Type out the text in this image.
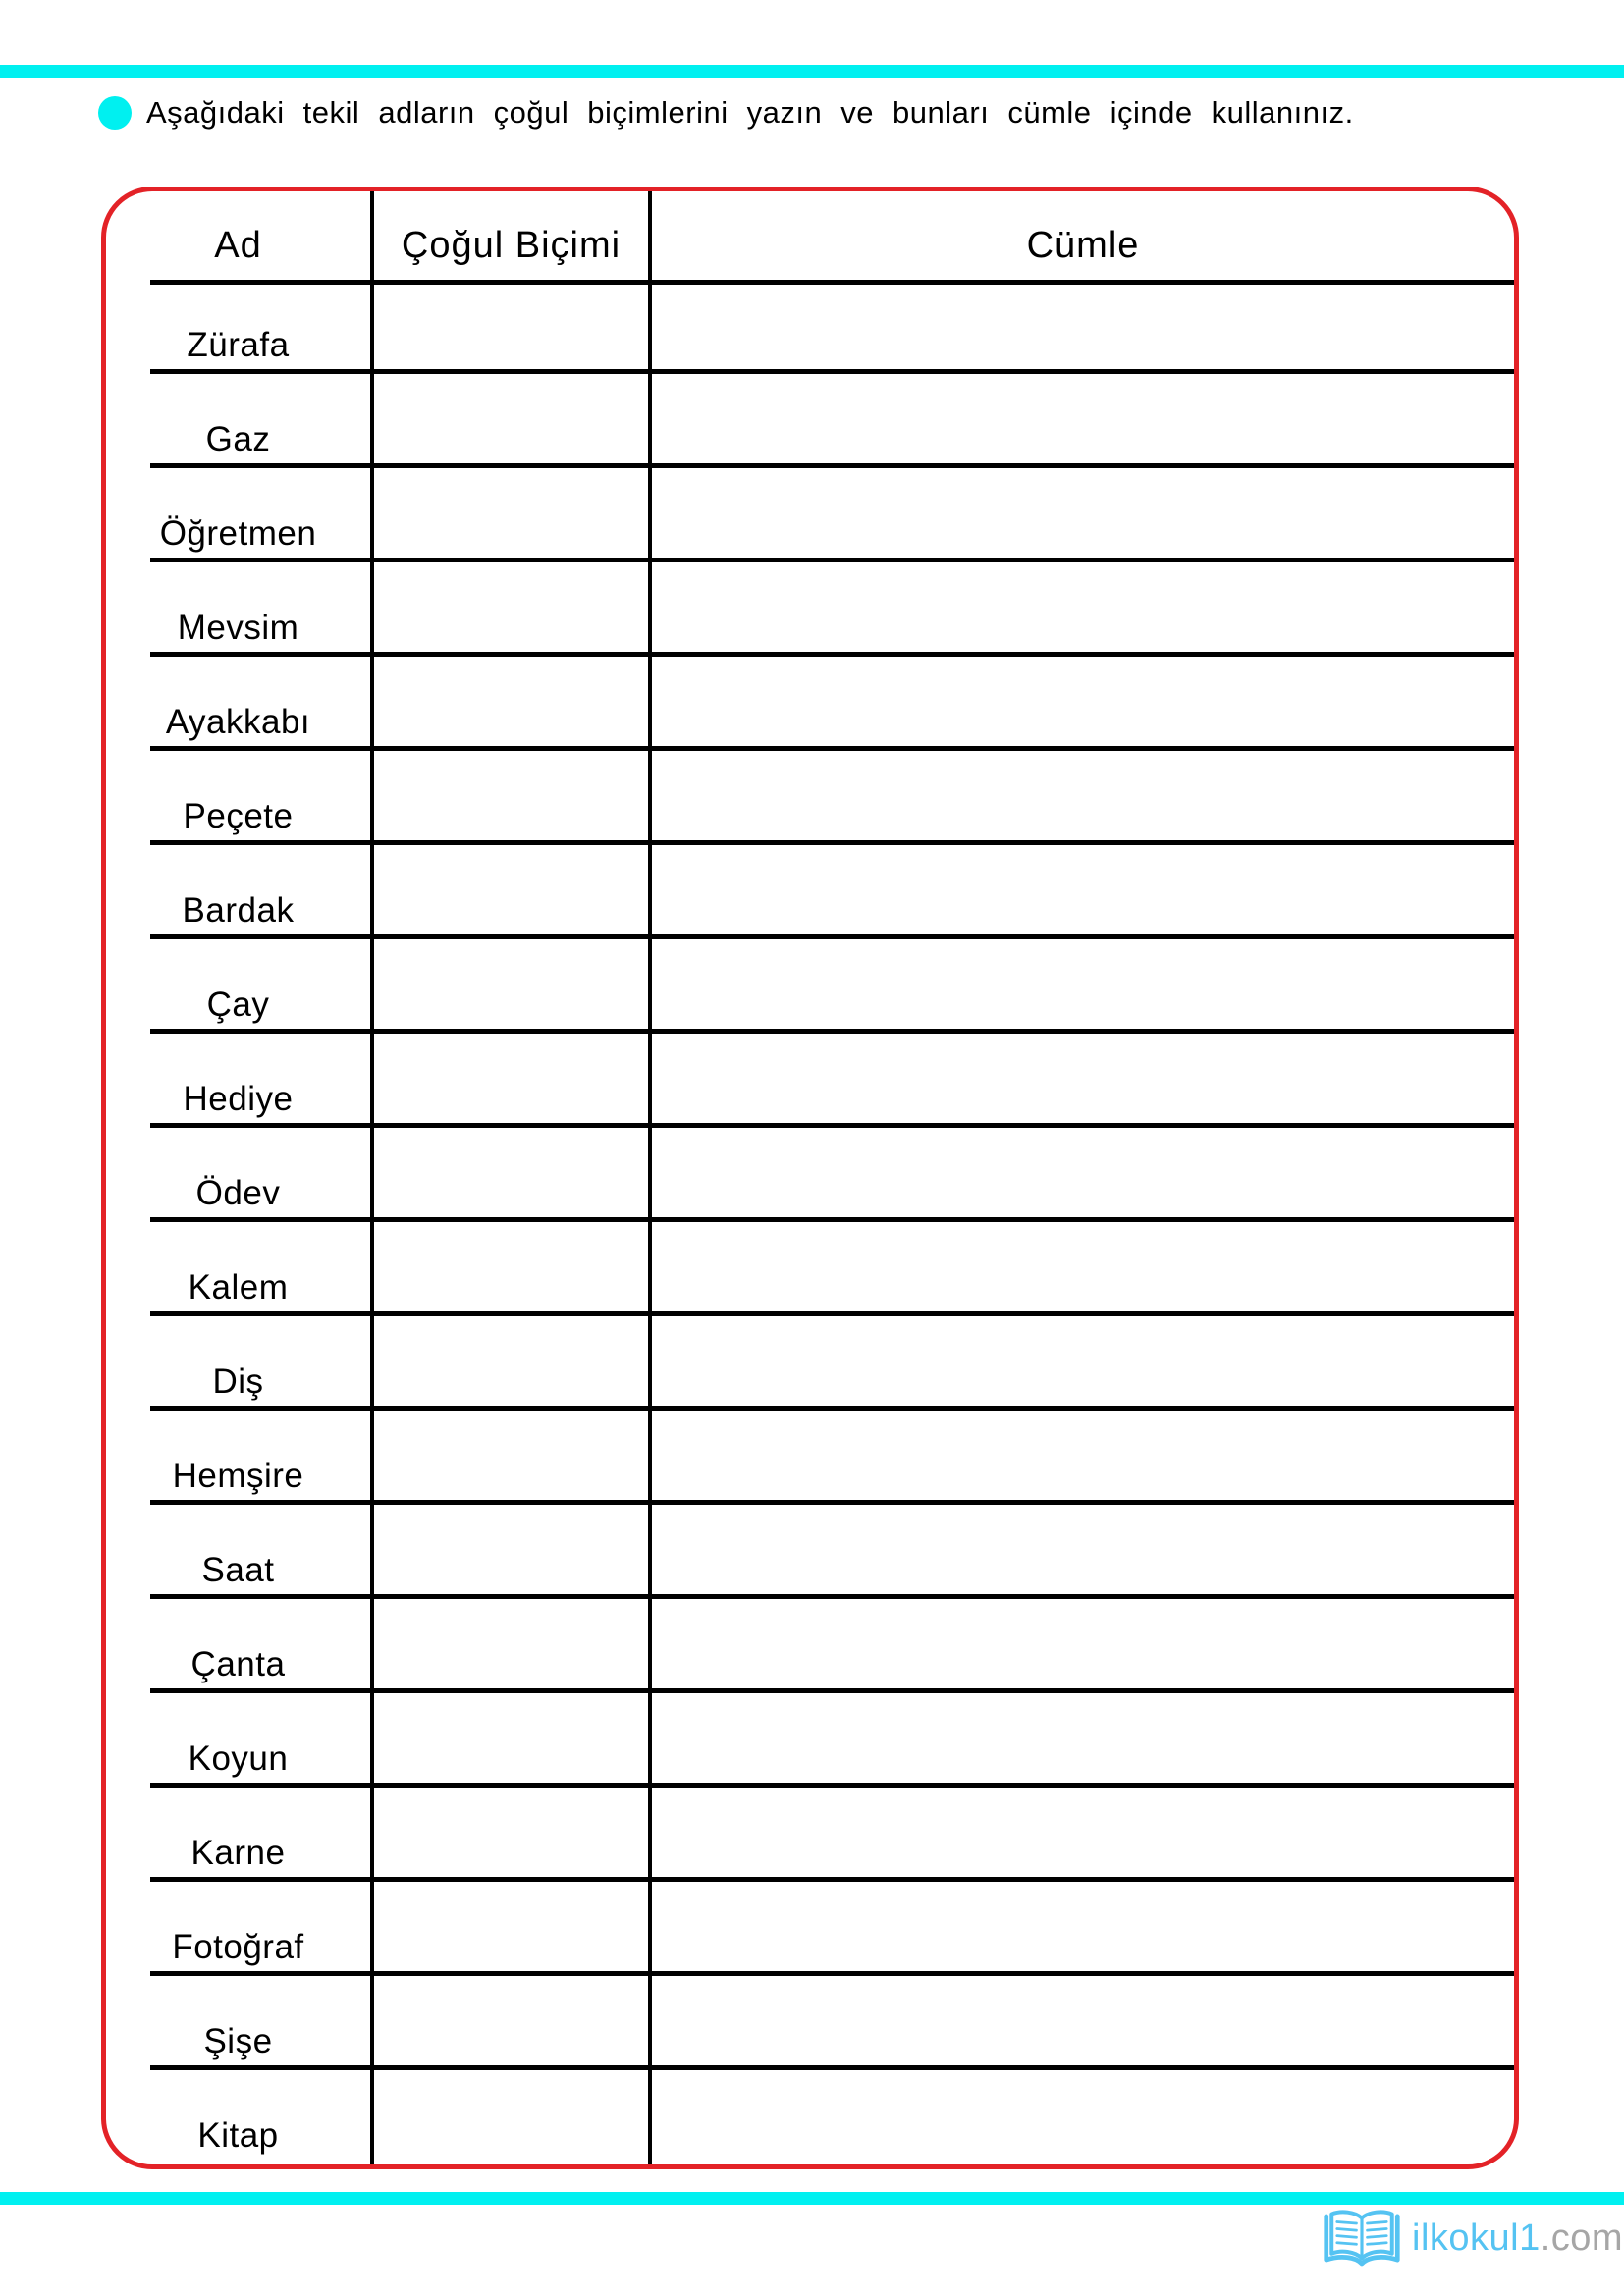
Aşağıdaki tekil adların çoğul biçimlerini yazın ve bunları cümle içinde kullanınız.
Ad	Çoğul Biçimi	Cümle
Zürafa
Gaz
Öğretmen
Mevsim
Ayakkabı
Peçete
Bardak
Çay
Hediye
Ödev
Kalem
Diş
Hemşire
Saat
Çanta
Koyun
Karne
Fotoğraf
Şişe
Kitap
ilkokul1.com
